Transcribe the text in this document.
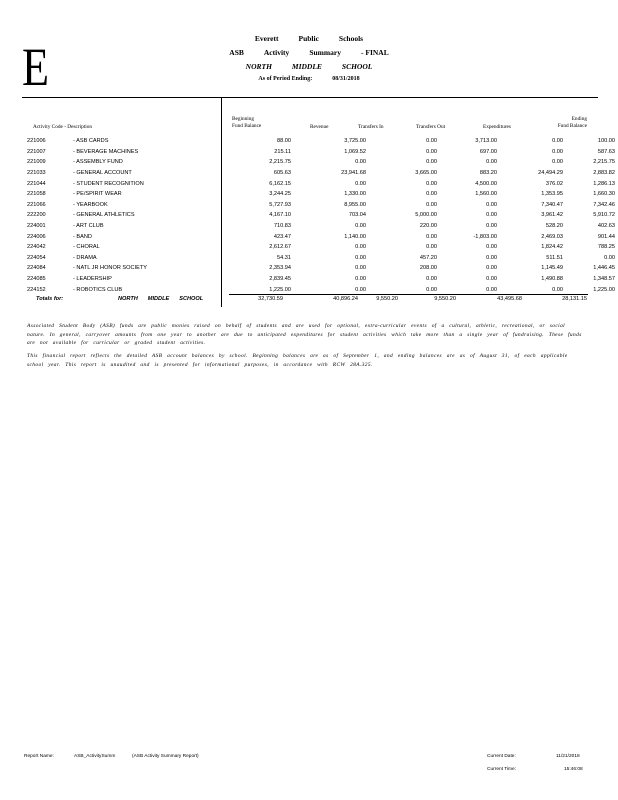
E	Everett	Public	Schools
ASB	Activity	Summary	- FINAL
NORTH	MIDDLE	SCHOOL
As of Period Ending:	08/31/2018
Activity Code - Description
Beginning
Fund Balance	Revenue	Transfers In	Transfers Out	Expenditures
Ending
Fund Balance
221006	- ASB CARDS	88.00	3,725.00	0.00	3,713.00	0.00	100.00
221007	- BEVERAGE MACHINES	215.11	1,069.52	0.00	697.00	0.00	587.63
221009	- ASSEMBLY FUND	2,215.75	0.00	0.00	0.00	0.00	2,215.75
221033	- GENERAL ACCOUNT	605.63	23,941.68	3,665.00	883.20	24,494.29	2,883.82
221044	- STUDENT RECOGNITION	6,162.15	0.00	0.00	4,500.00	376.02	1,286.13
221058	- PE/SPIRIT WEAR	3,244.25	1,330.00	0.00	1,560.00	1,353.95	1,660.30
221066	- YEARBOOK	5,727.93	8,955.00	0.00	0.00	7,340.47	7,342.46
222200	- GENERAL ATHLETICS	4,167.10	703.04	5,000.00	0.00	3,961.42	5,910.72
224001	- ART CLUB	710.83	0.00	220.00	0.00	528.20	402.63
224006	- BAND	423.47	1,140.00	0.00	-1,803.00	2,469.03	901.44
224042	- CHORAL	2,612.67	0.00	0.00	0.00	1,824.42	788.25
224054	- DRAMA	54.31	0.00	457.20	0.00	511.51	0.00
224084	- NATL JR HONOR SOCIETY	2,353.94	0.00	208.00	0.00	1,145.49	1,446.45
224085	- LEADERSHIP	2,839.45	0.00	0.00	0.00	1,490.88	1,348.57
224152	- ROBOTICS CLUB	1,225.00	0.00	0.00	0.00	0.00	1,225.00
Totals for:	NORTH MIDDLE SCHOOL	32,730.59	40,896.24	9,550.20	9,550.20	43,495.68	28,131.15
Associated Student Body (ASB) funds are public monies raised on behalf of students and are used for optional, extra-curricular events of a cultural, athletic, recreational, or social nature. In general, carryover amounts from one year to another are due to anticipated expenditures for student activities which take more than a single year of fundraising. These funds are not available for curricular or graded student activities.
This financial report reflects the detailed ASB account balances by school. Beginning balances are as of September 1, and ending balances are as of August 31, of each applicable school year. This report is unaudited and is presented for informational purposes, in accordance with RCW 28A.325.
Report Name:	ASB_ActivitySumm	(ASB Activity Summary Report)	Current Date:	11/21/2018
Current Time:	15:46:08
